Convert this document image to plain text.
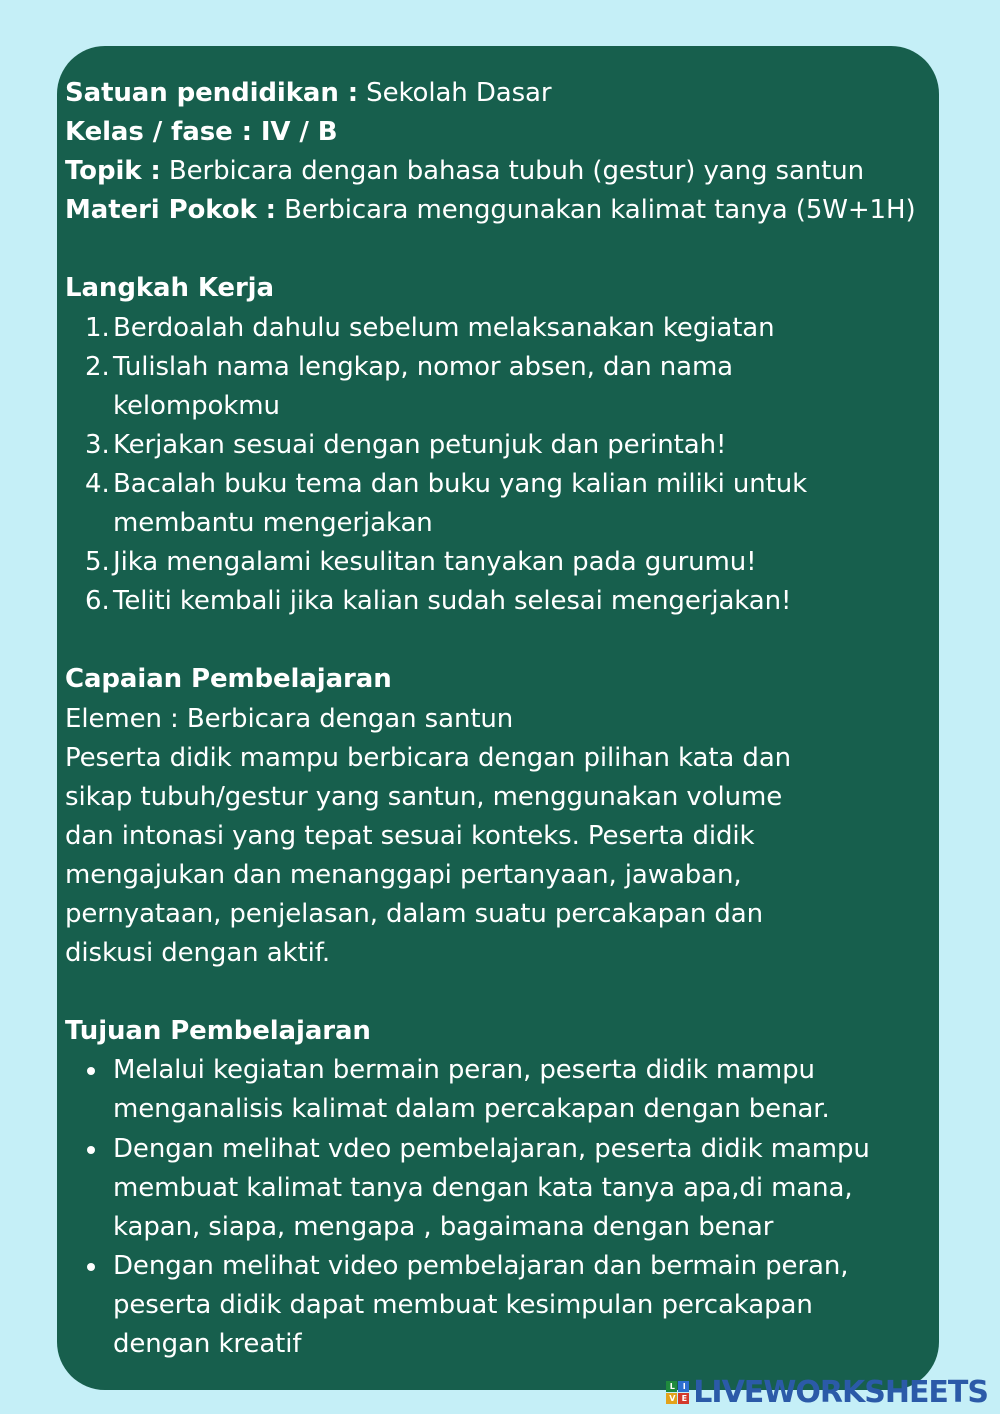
Satuan pendidikan : Sekolah Dasar
Kelas / fase : IV / B
Topik : Berbicara dengan bahasa tubuh (gestur) yang santun
Materi Pokok : Berbicara menggunakan kalimat tanya (5W+1H)
Langkah Kerja
1. Berdoalah dahulu sebelum melaksanakan kegiatan
2. Tulislah nama lengkap, nomor absen, dan nama kelompokmu
3. Kerjakan sesuai dengan petunjuk dan perintah!
4. Bacalah buku tema dan buku yang kalian miliki untuk membantu mengerjakan
5. Jika mengalami kesulitan tanyakan pada gurumu!
6. Teliti kembali jika kalian sudah selesai mengerjakan!
Capaian Pembelajaran
Elemen : Berbicara dengan santun
Peserta didik mampu berbicara dengan pilihan kata dan sikap tubuh/gestur yang santun, menggunakan volume dan intonasi yang tepat sesuai konteks. Peserta didik mengajukan dan menanggapi pertanyaan, jawaban, pernyataan, penjelasan, dalam suatu percakapan dan diskusi dengan aktif.
Tujuan Pembelajaran
Melalui kegiatan bermain peran, peserta didik mampu menganalisis kalimat dalam percakapan dengan benar.
Dengan melihat vdeo pembelajaran, peserta didik mampu membuat kalimat tanya dengan kata tanya apa,di mana, kapan, siapa, mengapa , bagaimana dengan benar
Dengan melihat video pembelajaran dan bermain peran, peserta didik dapat membuat kesimpulan percakapan dengan kreatif
L	I
V E LIVEWORKSHEETS
